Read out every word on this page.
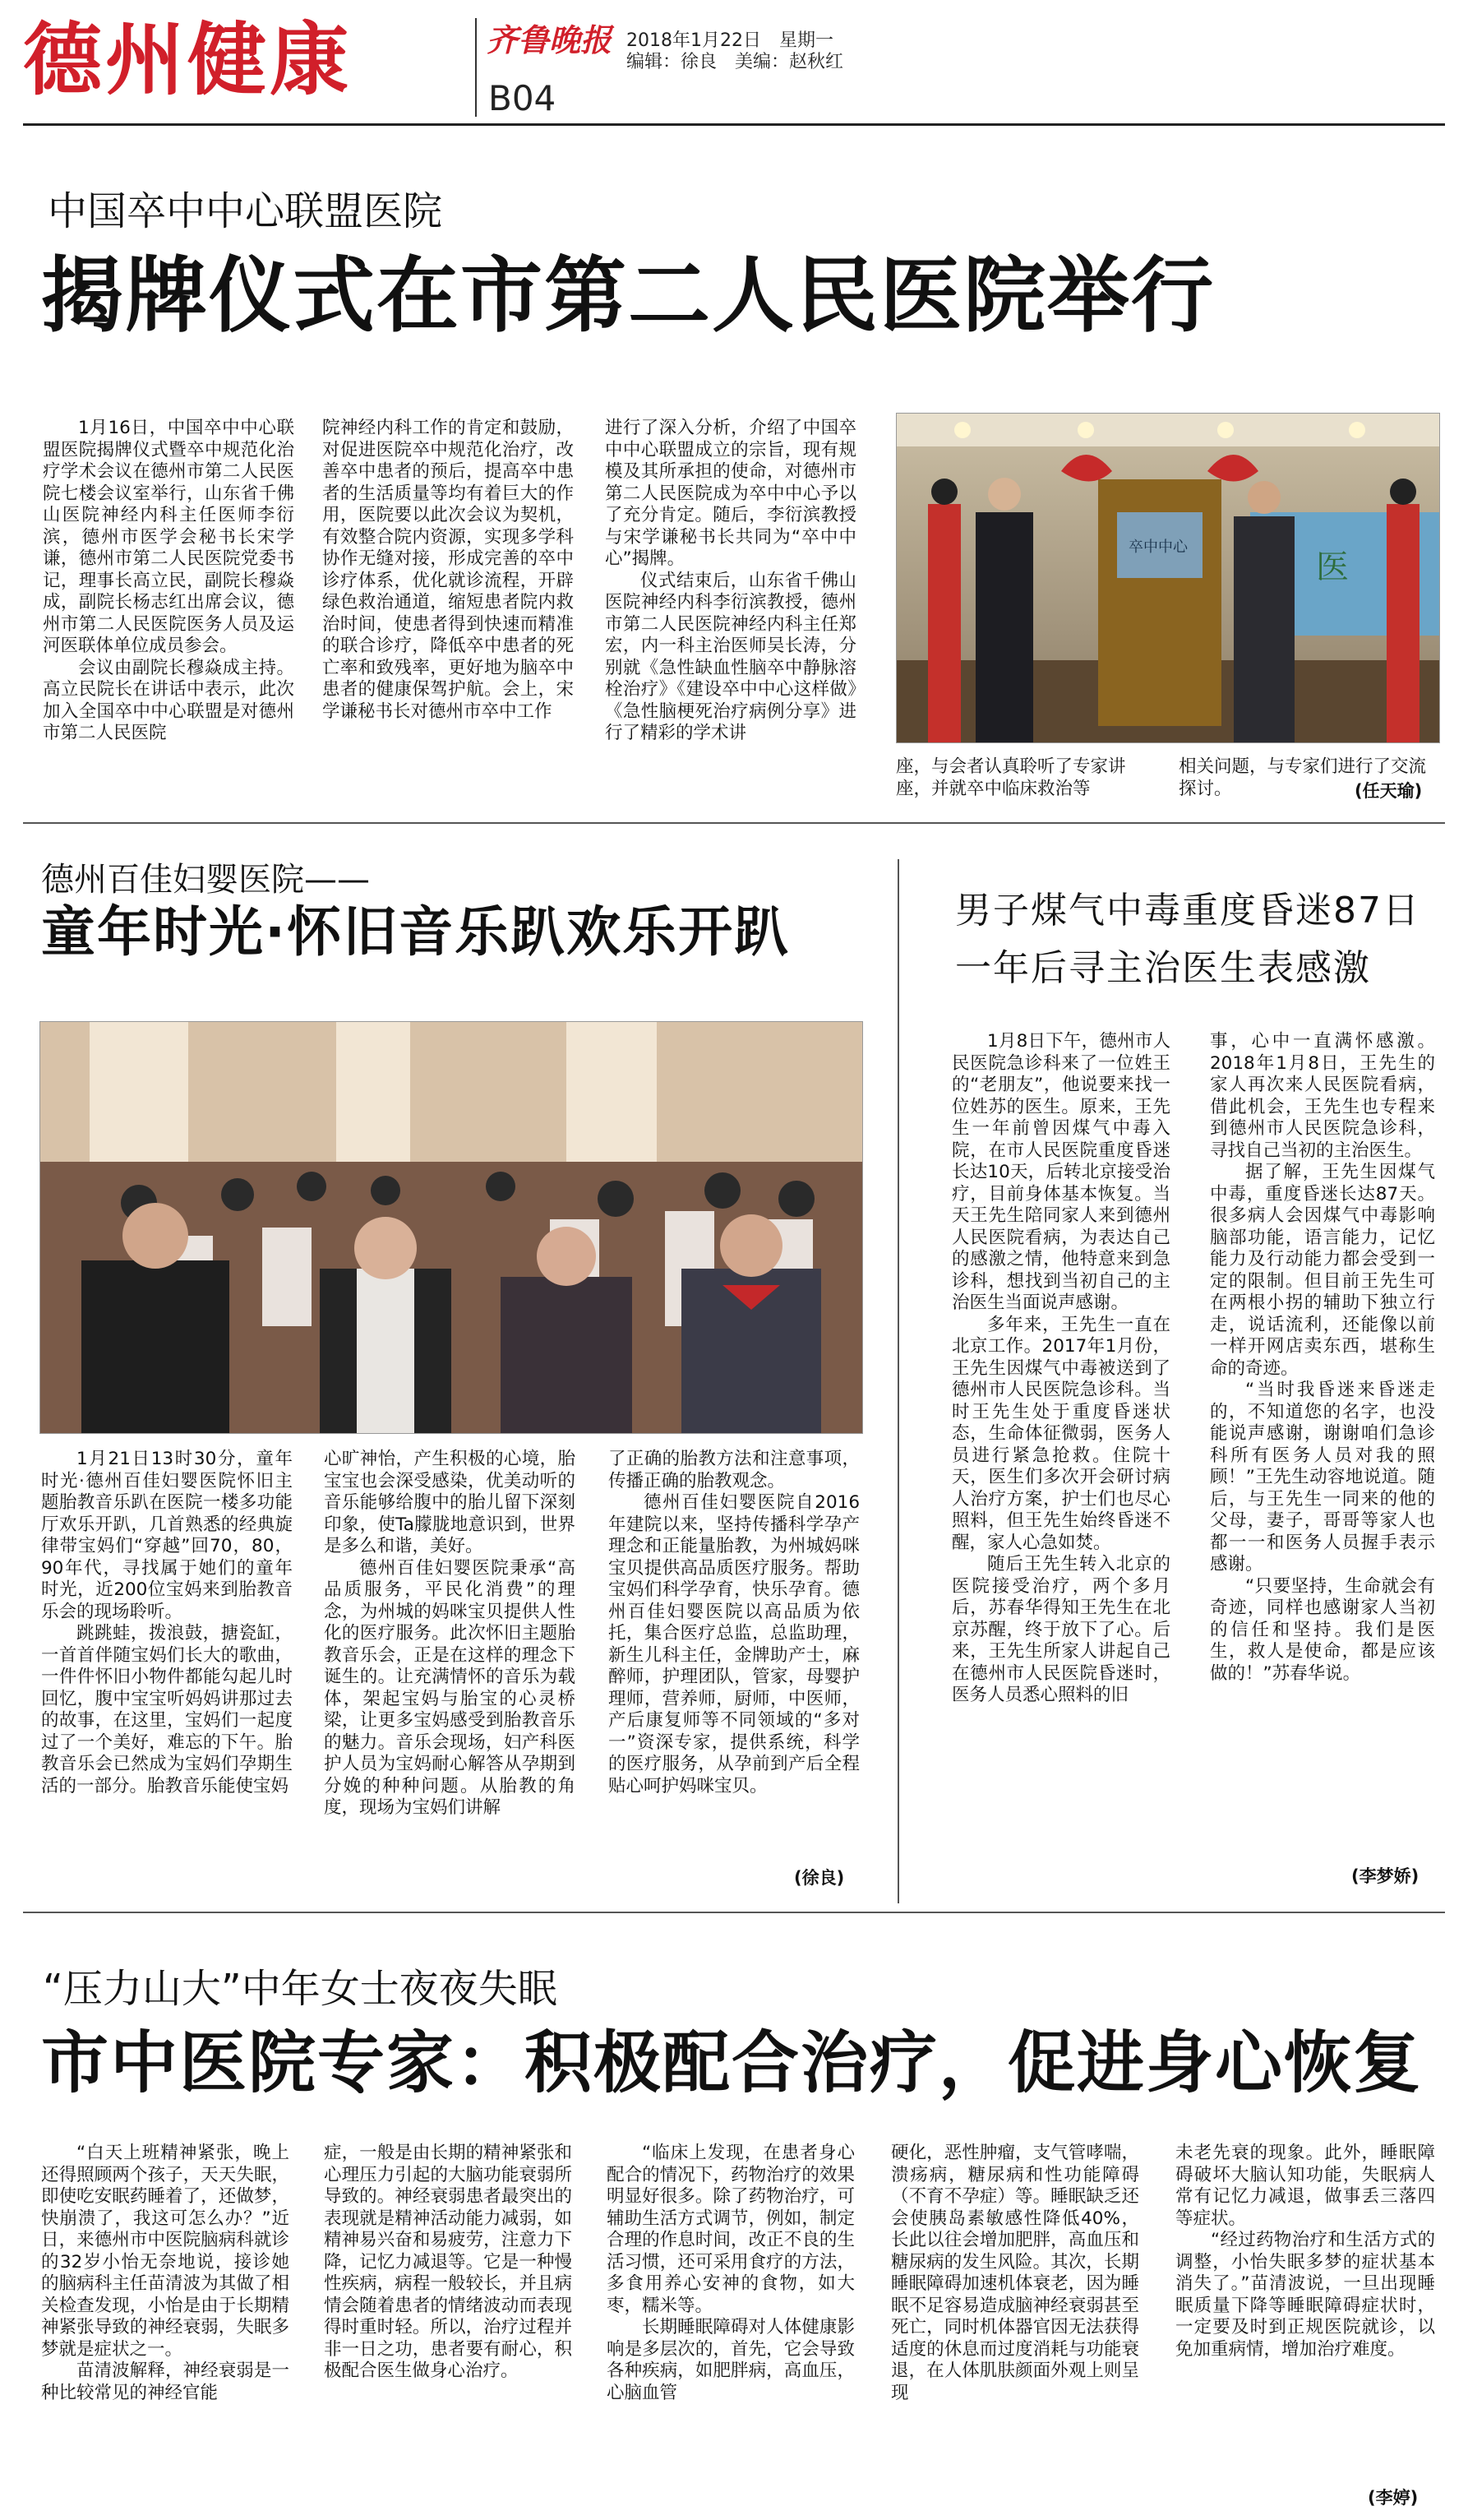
德州健康	齐鲁晚报
B04
2018年1月22日　星期一
编辑：徐良　美编：赵秋红
中国卒中中心联盟医院
揭牌仪式在市第二人民医院举行

1月16日，中国卒中中心联盟医院揭牌仪式暨卒中规范化治疗学术会议在德州市第二人民医院七楼会议室举行，山东省千佛山医院神经内科主任医师李衍滨，德州市医学会秘书长宋学谦，德州市第二人民医院党委书记，理事长高立民，副院长穆焱成，副院长杨志红出席会议，德州市第二人民医院医务人员及运河医联体单位成员参会。

会议由副院长穆焱成主持。高立民院长在讲话中表示，此次加入全国卒中中心联盟是对德州市第二人民医院

院神经内科工作的肯定和鼓励，对促进医院卒中规范化治疗，改善卒中患者的预后，提高卒中患者的生活质量等均有着巨大的作用，医院要以此次会议为契机，有效整合院内资源，实现多学科协作无缝对接，形成完善的卒中诊疗体系，优化就诊流程，开辟绿色救治通道，缩短患者院内救治时间，使患者得到快速而精准的联合诊疗，降低卒中患者的死亡率和致残率，更好地为脑卒中患者的健康保驾护航。会上，宋学谦秘书长对德州市卒中工作

进行了深入分析，介绍了中国卒中中心联盟成立的宗旨，现有规模及其所承担的使命，对德州市第二人民医院成为卒中中心予以了充分肯定。随后，李衍滨教授与宋学谦秘书长共同为“卒中中心”揭牌。

仪式结束后，山东省千佛山医院神经内科李衍滨教授，德州市第二人民医院神经内科主任郑宏，内一科主治医师吴长涛，分别就《急性缺血性脑卒中静脉溶栓治疗》《建设卒中中心这样做》《急性脑梗死治疗病例分享》进行了精彩的学术讲

医
卒中中心
座，与会者认真聆听了专家讲座，并就卒中临床救治等
相关问题，与专家们进行了交流探讨。	(任天瑜)
德州百佳妇婴医院——
童年时光·怀旧音乐趴欢乐开趴

1月21日13时30分，童年时光·德州百佳妇婴医院怀旧主题胎教音乐趴在医院一楼多功能厅欢乐开趴，几首熟悉的经典旋律带宝妈们“穿越”回70，80，90年代，寻找属于她们的童年时光，近200位宝妈来到胎教音乐会的现场聆听。

跳跳蛙，拨浪鼓，搪瓷缸，一首首伴随宝妈们长大的歌曲，一件件怀旧小物件都能勾起儿时回忆，腹中宝宝听妈妈讲那过去的故事，在这里，宝妈们一起度过了一个美好，难忘的下午。胎教音乐会已然成为宝妈们孕期生活的一部分。胎教音乐能使宝妈

心旷神怡，产生积极的心境，胎宝宝也会深受感染，优美动听的音乐能够给腹中的胎儿留下深刻印象，使Ta朦胧地意识到，世界是多么和谐，美好。

德州百佳妇婴医院秉承“高品质服务，平民化消费”的理念，为州城的妈咪宝贝提供人性化的医疗服务。此次怀旧主题胎教音乐会，正是在这样的理念下诞生的。让充满情怀的音乐为载体，架起宝妈与胎宝的心灵桥梁，让更多宝妈感受到胎教音乐的魅力。音乐会现场，妇产科医护人员为宝妈耐心解答从孕期到分娩的种种问题。从胎教的角度，现场为宝妈们讲解

了正确的胎教方法和注意事项，传播正确的胎教观念。

德州百佳妇婴医院自2016年建院以来，坚持传播科学孕产理念和正能量胎教，为州城妈咪宝贝提供高品质医疗服务。帮助宝妈们科学孕育，快乐孕育。德州百佳妇婴医院以高品质为依托，集合医疗总监，总监助理，新生儿科主任，金牌助产士，麻醉师，护理团队，管家，母婴护理师，营养师，厨师，中医师，产后康复师等不同领域的“多对一”资深专家，提供系统，科学的医疗服务，从孕前到产后全程贴心呵护妈咪宝贝。

(徐良)
男子煤气中毒重度昏迷87日
一年后寻主治医生表感激

1月8日下午，德州市人民医院急诊科来了一位姓王的“老朋友”，他说要来找一位姓苏的医生。原来，王先生一年前曾因煤气中毒入院，在市人民医院重度昏迷长达10天，后转北京接受治疗，目前身体基本恢复。当天王先生陪同家人来到德州人民医院看病，为表达自己的感激之情，他特意来到急诊科，想找到当初自己的主治医生当面说声感谢。

多年来，王先生一直在北京工作。2017年1月份，王先生因煤气中毒被送到了德州市人民医院急诊科。当时王先生处于重度昏迷状态，生命体征微弱，医务人员进行紧急抢救。住院十天，医生们多次开会研讨病人治疗方案，护士们也尽心照料，但王先生始终昏迷不醒，家人心急如焚。

随后王先生转入北京的医院接受治疗，两个多月后，苏春华得知王先生在北京苏醒，终于放下了心。后来，王先生所家人讲起自己在德州市人民医院昏迷时，医务人员悉心照料的旧

事，心中一直满怀感激。2018年1月8日，王先生的家人再次来人民医院看病，借此机会，王先生也专程来到德州市人民医院急诊科，寻找自己当初的主治医生。

据了解，王先生因煤气中毒，重度昏迷长达87天。很多病人会因煤气中毒影响脑部功能，语言能力，记忆能力及行动能力都会受到一定的限制。但目前王先生可在两根小拐的辅助下独立行走，说话流利，还能像以前一样开网店卖东西，堪称生命的奇迹。

“当时我昏迷来昏迷走的，不知道您的名字，也没能说声感谢，谢谢咱们急诊科所有医务人员对我的照顾！”王先生动容地说道。随后，与王先生一同来的他的父母，妻子，哥哥等家人也都一一和医务人员握手表示感谢。

“只要坚持，生命就会有奇迹，同样也感谢家人当初的信任和坚持。我们是医生，救人是使命，都是应该做的！”苏春华说。

(李梦娇)
“压力山大”中年女士夜夜失眠
市中医院专家：积极配合治疗，促进身心恢复

“白天上班精神紧张，晚上还得照顾两个孩子，天天失眠，即使吃安眠药睡着了，还做梦，快崩溃了，我这可怎么办？”近日，来德州市中医院脑病科就诊的32岁小怡无奈地说，接诊她的脑病科主任苗清波为其做了相关检查发现，小怡是由于长期精神紧张导致的神经衰弱，失眠多梦就是症状之一。

苗清波解释，神经衰弱是一种比较常见的神经官能

症，一般是由长期的精神紧张和心理压力引起的大脑功能衰弱所导致的。神经衰弱患者最突出的表现就是精神活动能力减弱，如精神易兴奋和易疲劳，注意力下降，记忆力减退等。它是一种慢性疾病，病程一般较长，并且病情会随着患者的情绪波动而表现得时重时轻。所以，治疗过程并非一日之功，患者要有耐心，积极配合医生做身心治疗。

“临床上发现，在患者身心配合的情况下，药物治疗的效果明显好很多。除了药物治疗，可辅助生活方式调节，例如，制定合理的作息时间，改正不良的生活习惯，还可采用食疗的方法，多食用养心安神的食物，如大枣，糯米等。

长期睡眠障碍对人体健康影响是多层次的，首先，它会导致各种疾病，如肥胖病，高血压，心脑血管

硬化，恶性肿瘤，支气管哮喘，溃疡病，糖尿病和性功能障碍（不育不孕症）等。睡眠缺乏还会使胰岛素敏感性降低40%，长此以往会增加肥胖，高血压和糖尿病的发生风险。其次，长期睡眠障碍加速机体衰老，因为睡眠不足容易造成脑神经衰弱甚至死亡，同时机体器官因无法获得适度的休息而过度消耗与功能衰退，在人体肌肤颜面外观上则呈现

未老先衰的现象。此外，睡眠障碍破坏大脑认知功能，失眠病人常有记忆力减退，做事丢三落四等症状。

“经过药物治疗和生活方式的调整，小怡失眠多梦的症状基本消失了。”苗清波说，一旦出现睡眠质量下降等睡眠障碍症状时，一定要及时到正规医院就诊，以免加重病情，增加治疗难度。

(李婷)
